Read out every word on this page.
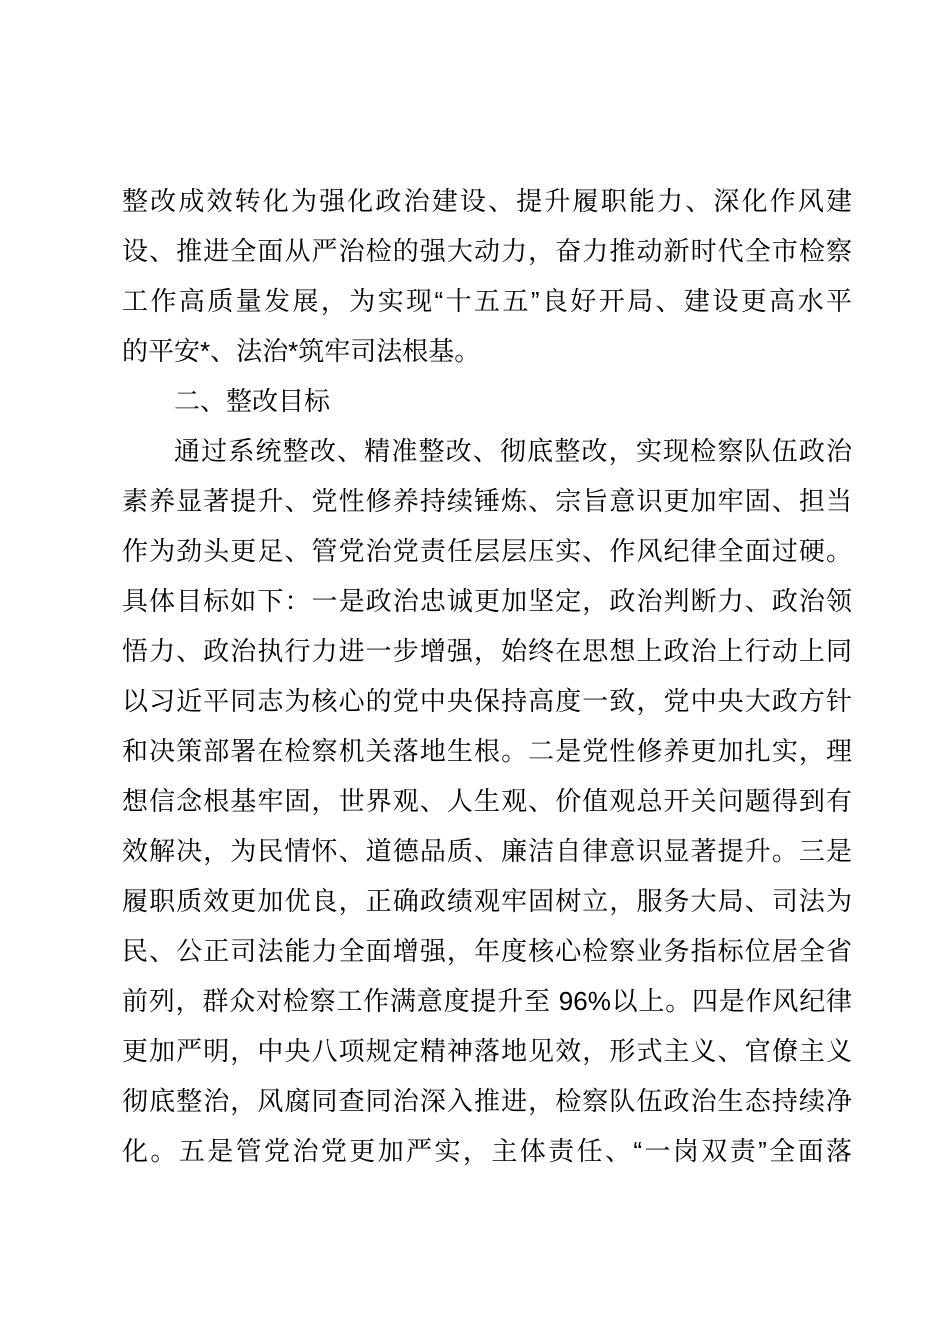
整改成效转化为强化政治建设、提升履职能力、深化作风建
设、推进全面从严治检的强大动力，奋力推动新时代全市检察
工作高质量发展，为实现“十五五”良好开局、建设更高水平
的平安*、法治*筑牢司法根基。
二、整改目标
通过系统整改、精准整改、彻底整改，实现检察队伍政治
素养显著提升、党性修养持续锤炼、宗旨意识更加牢固、担当
作为劲头更足、管党治党责任层层压实、作风纪律全面过硬。
具体目标如下：一是政治忠诚更加坚定，政治判断力、政治领
悟力、政治执行力进一步增强，始终在思想上政治上行动上同
以习近平同志为核心的党中央保持高度一致，党中央大政方针
和决策部署在检察机关落地生根。二是党性修养更加扎实，理
想信念根基牢固，世界观、人生观、价值观总开关问题得到有
效解决，为民情怀、道德品质、廉洁自律意识显著提升。三是
履职质效更加优良，正确政绩观牢固树立，服务大局、司法为
民、公正司法能力全面增强，年度核心检察业务指标位居全省
前列，群众对检察工作满意度提升至 96%以上。四是作风纪律
更加严明，中央八项规定精神落地见效，形式主义、官僚主义
彻底整治，风腐同查同治深入推进，检察队伍政治生态持续净
化。五是管党治党更加严实，主体责任、“一岗双责”全面落
